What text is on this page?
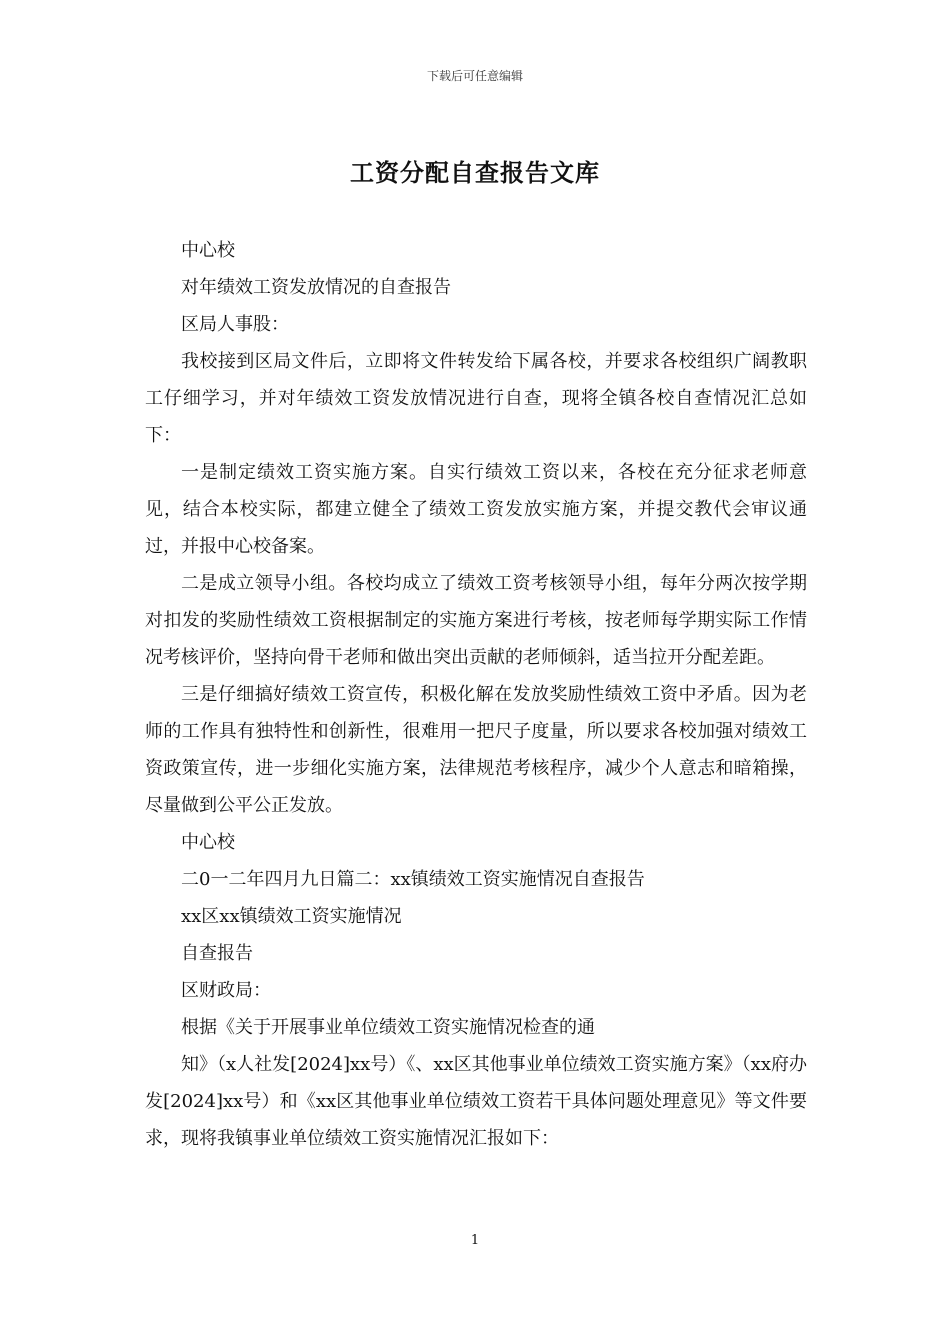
下载后可任意编辑
工资分配自查报告文库

中心校

对年绩效工资发放情况的自查报告

区局人事股：

我校接到区局文件后，立即将文件转发给下属各校，并要求各校组织广阔教职工仔细学习，并对年绩效工资发放情况进行自查，现将全镇各校自查情况汇总如下：

一是制定绩效工资实施方案。自实行绩效工资以来，各校在充分征求老师意见，结合本校实际，都建立健全了绩效工资发放实施方案，并提交教代会审议通过，并报中心校备案。

二是成立领导小组。各校均成立了绩效工资考核领导小组，每年分两次按学期对扣发的奖励性绩效工资根据制定的实施方案进行考核，按老师每学期实际工作情况考核评价，坚持向骨干老师和做出突出贡献的老师倾斜，适当拉开分配差距。

三是仔细搞好绩效工资宣传，积极化解在发放奖励性绩效工资中矛盾。因为老师的工作具有独特性和创新性，很难用一把尺子度量，所以要求各校加强对绩效工资政策宣传，进一步细化实施方案，法律规范考核程序，减少个人意志和暗箱操，尽量做到公平公正发放。

中心校

二0一二年四月九日篇二：xx镇绩效工资实施情况自查报告

xx区xx镇绩效工资实施情况

自查报告

区财政局：

根据《关于开展事业单位绩效工资实施情况检查的通

知》（x人社发[2024]xx号）《、xx区其他事业单位绩效工资实施方案》（xx府办发[2024]xx号）和《xx区其他事业单位绩效工资若干具体问题处理意见》等文件要求，现将我镇事业单位绩效工资实施情况汇报如下：

1
